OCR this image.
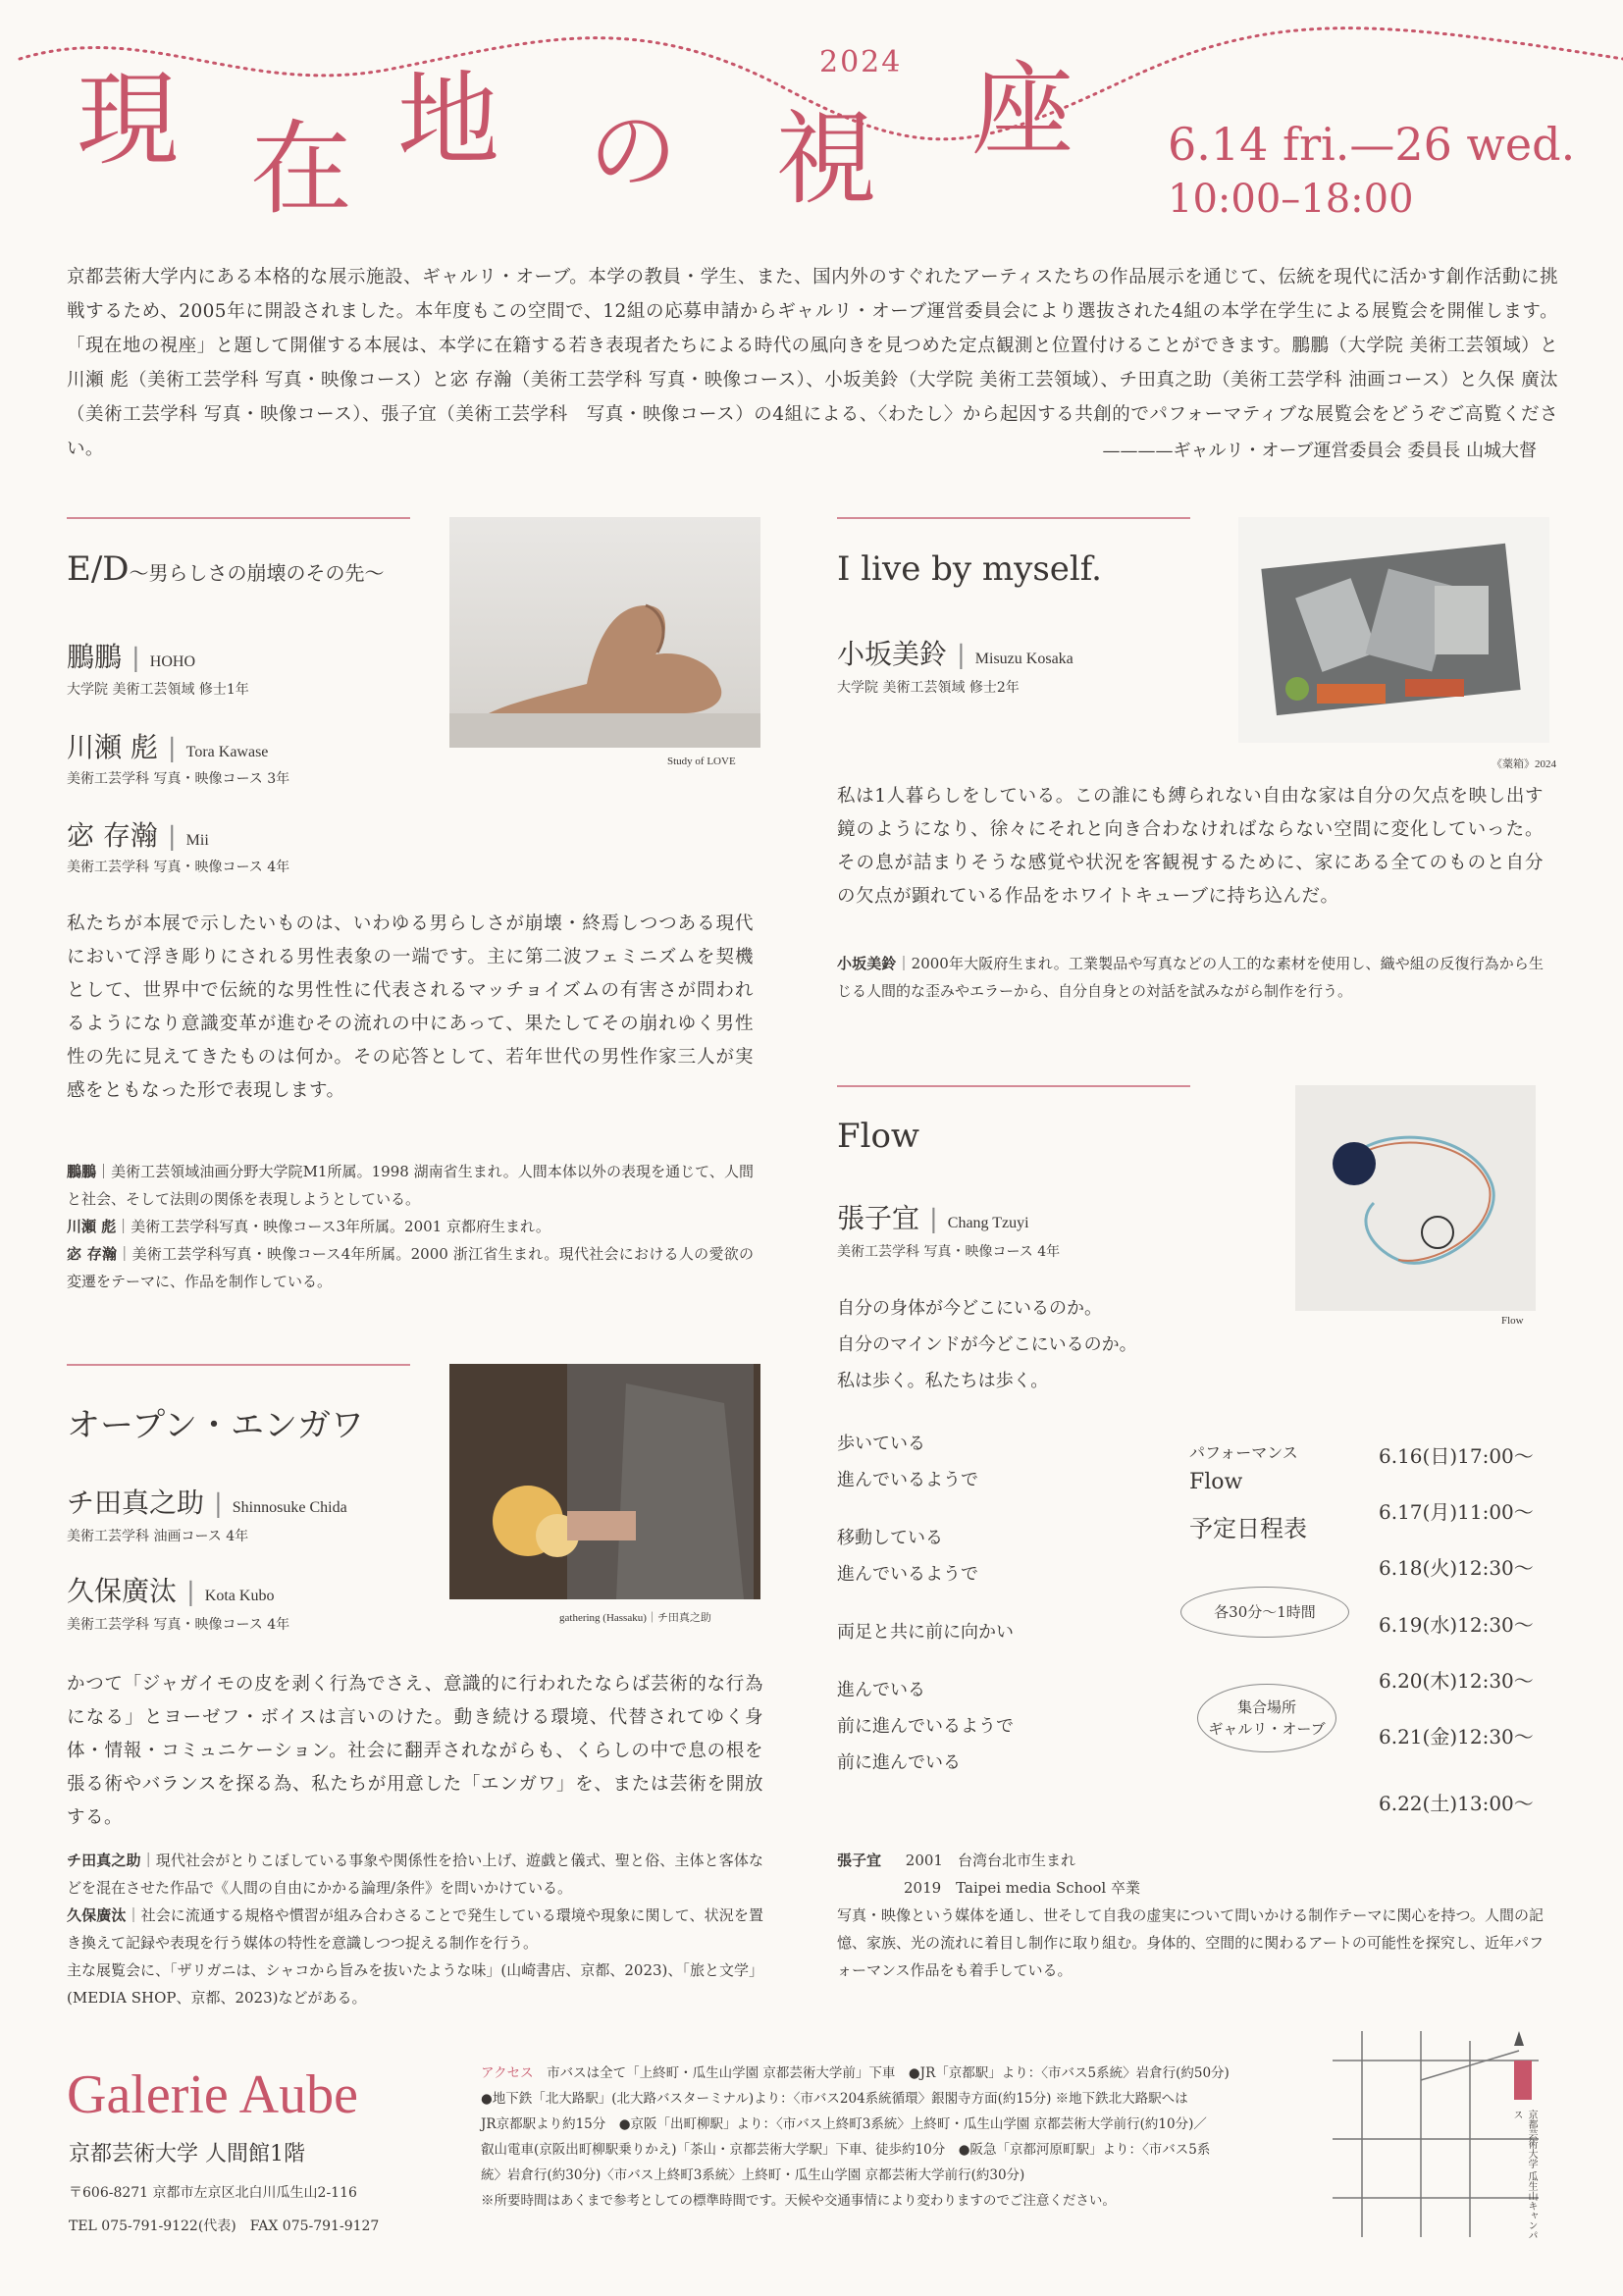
現 在 地 の 視 座
2024
6.14 fri.—26 wed.
10:00–18:00
京都芸術大学内にある本格的な展示施設、ギャルリ・オーブ。本学の教員・学生、また、国内外のすぐれたアーティスたちの作品展示を通じて、伝統を現代に活かす創作活動に挑戦するため、2005年に開設されました。本年度もこの空間で、12組の応募申請からギャルリ・オーブ運営委員会により選抜された4組の本学在学生による展覧会を開催します。「現在地の視座」と題して開催する本展は、本学に在籍する若き表現者たちによる時代の風向きを見つめた定点観測と位置付けることができます。鵬鵬（大学院 美術工芸領域）と川瀬 彪（美術工芸学科 写真・映像コース）と宓 存瀚（美術工芸学科 写真・映像コース）、小坂美鈴（大学院 美術工芸領域）、チ田真之助（美術工芸学科 油画コース）と久保 廣汰（美術工芸学科 写真・映像コース）、張子宜（美術工芸学科　写真・映像コース）の4組による、〈わたし〉から起因する共創的でパフォーマティブな展覧会をどうぞご高覧ください。	————ギャルリ・オーブ運営委員会 委員長 山城大督
E/D～男らしさの崩壊のその先～
鵬鵬 | HOHO
大学院 美術工芸領域 修士1年
川瀬 彪 | Tora Kawase
美術工芸学科 写真・映像コース 3年
宓 存瀚 | Mii
美術工芸学科 写真・映像コース 4年
Study of LOVE
私たちが本展で示したいものは、いわゆる男らしさが崩壊・終焉しつつある現代において浮き彫りにされる男性表象の一端です。主に第二波フェミニズムを契機として、世界中で伝統的な男性性に代表されるマッチョイズムの有害さが問われるようになり意識変革が進むその流れの中にあって、果たしてその崩れゆく男性性の先に見えてきたものは何か。その応答として、若年世代の男性作家三人が実感をともなった形で表現します。
鵬鵬｜美術工芸領域油画分野大学院M1所属。1998 湖南省生まれ。人間本体以外の表現を通じて、人間と社会、そして法則の関係を表現しようとしている。
川瀬 彪｜美術工芸学科写真・映像コース3年所属。2001 京都府生まれ。
宓 存瀚｜美術工芸学科写真・映像コース4年所属。2000 浙江省生まれ。現代社会における人の愛欲の変遷をテーマに、作品を制作している。
I live by myself.
小坂美鈴 | Misuzu Kosaka
大学院 美術工芸領域 修士2年
《薬箱》2024
私は1人暮らしをしている。この誰にも縛られない自由な家は自分の欠点を映し出す鏡のようになり、徐々にそれと向き合わなければならない空間に変化していった。その息が詰まりそうな感覚や状況を客観視するために、家にある全てのものと自分の欠点が顕れている作品をホワイトキューブに持ち込んだ。
小坂美鈴｜2000年大阪府生まれ。工業製品や写真などの人工的な素材を使用し、織や組の反復行為から生じる人間的な歪みやエラーから、自分自身との対話を試みながら制作を行う。
Flow
張子宜 | Chang Tzuyi
美術工芸学科 写真・映像コース 4年
Flow
自分の身体が今どこにいるのか。
自分のマインドが今どこにいるのか。
私は歩く。私たちは歩く。
歩いている
進んでいるようで
移動している
進んでいるようで
両足と共に前に向かい
進んでいる
前に進んでいるようで
前に進んでいる
パフォーマンス
Flow
予定日程表
各30分～1時間
集合場所
ギャルリ・オーブ
6.16(日)17:00～
6.17(月)11:00～
6.18(火)12:30～
6.19(水)12:30～
6.20(木)12:30～
6.21(金)12:30～
6.22(土)13:00～
張子宜 2001　台湾台北市生まれ
2019　Taipei media School 卒業
写真・映像という媒体を通し、世そして自我の虚実について問いかける制作テーマに関心を持つ。人間の記憶、家族、光の流れに着目し制作に取り組む。身体的、空間的に関わるアートの可能性を探究し、近年パフォーマンス作品をも着手している。
オープン・エンガワ
チ田真之助 | Shinnosuke Chida
美術工芸学科 油画コース 4年
久保廣汰 | Kota Kubo
美術工芸学科 写真・映像コース 4年	gathering (Hassaku)｜チ田真之助
かつて「ジャガイモの皮を剥く行為でさえ、意識的に行われたならば芸術的な行為になる」とヨーゼフ・ボイスは言いのけた。動き続ける環境、代替されてゆく身体・情報・コミュニケーション。社会に翻弄されながらも、くらしの中で息の根を張る術やバランスを探る為、私たちが用意した「エンガワ」を、または芸術を開放する。
チ田真之助｜現代社会がとりこぼしている事象や関係性を拾い上げ、遊戯と儀式、聖と俗、主体と客体などを混在させた作品で《人間の自由にかかる論理/条件》を問いかけている。
久保廣汰｜社会に流通する規格や慣習が組み合わさることで発生している環境や現象に関して、状況を置き換えて記録や表現を行う媒体の特性を意識しつつ捉える制作を行う。
主な展覧会に、「ザリガニは、シャコから旨みを抜いたような味」(山崎書店、京都、2023)、「旅と文学」(MEDIA SHOP、京都、2023)などがある。
Galerie Aube
京都芸術大学 人間館1階
〒606-8271 京都市左京区北白川瓜生山2-116
TEL 075-791-9122(代表)　FAX 075-791-9127
アクセス　 市バスは全て「上終町・瓜生山学園 京都芸術大学前」下車　●JR「京都駅」より：〈市バス5系統〉岩倉行(約50分)
●地下鉄「北大路駅」(北大路バスターミナル)より：〈市バス204系統循環〉銀閣寺方面(約15分) ※地下鉄北大路駅へは
JR京都駅より約15分　●京阪「出町柳駅」より：〈市バス上終町3系統〉上終町・瓜生山学園 京都芸術大学前行(約10分)／
叡山電車(京阪出町柳駅乗りかえ)「茶山・京都芸術大学駅」下車、徒歩約10分　●阪急「京都河原町駅」より：〈市バス5系
統〉岩倉行(約30分)〈市バス上終町3系統〉上終町・瓜生山学園 京都芸術大学前行(約30分)
※所要時間はあくまで参考としての標準時間です。天候や交通事情により変わりますのでご注意ください。	京都芸術大学 瓜生山キャンパス
